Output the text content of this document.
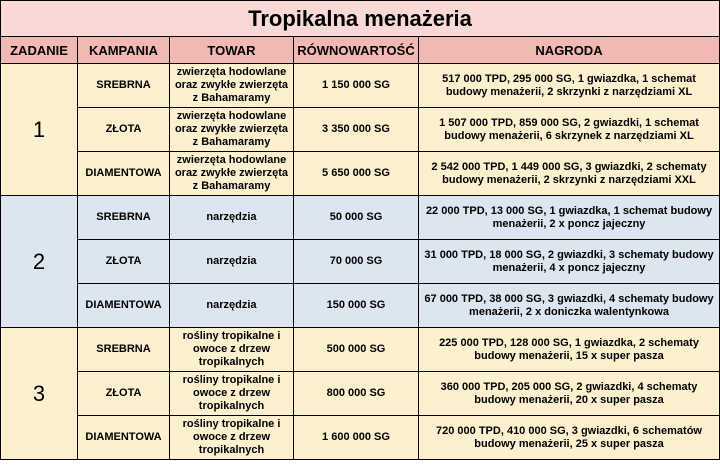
Tropikalna menażeria				
ZADANIE	KAMPANIA	TOWAR	RÓWNOWARTOŚĆ	NAGRODA
1	SREBRNA	zwierzęta hodowlane oraz zwykłe zwierzęta z Bahamaramy	1 150 000 SG	517 000 TPD, 295 000 SG, 1 gwiazdka, 1 schemat budowy menażerii, 2 skrzynki z narzędziami XL
	ZŁOTA	zwierzęta hodowlane oraz zwykłe zwierzęta z Bahamaramy	3 350 000 SG	1 507 000 TPD, 859 000 SG, 2 gwiazdki, 1 schemat budowy menażerii, 6 skrzynek z narzędziami XL
	DIAMENTOWA	zwierzęta hodowlane oraz zwykłe zwierzęta z Bahamaramy	5 650 000 SG	2 542 000 TPD, 1 449 000 SG, 3 gwiazdki, 2 schematy budowy menażerii, 2 skrzynki z narzędziami XXL
2	SREBRNA	narzędzia	50 000 SG	22 000 TPD, 13 000 SG, 1 gwiazdka, 1 schemat budowy menażerii, 2 x poncz jajeczny
	ZŁOTA	narzędzia	70 000 SG	31 000 TPD, 18 000 SG, 2 gwiazdki, 3 schematy budowy menażerii, 4 x poncz jajeczny
	DIAMENTOWA	narzędzia	150 000 SG	67 000 TPD, 38 000 SG, 3 gwiazdki, 4 schematy budowy menażerii, 2 x doniczka walentynkowa
3	SREBRNA	rośliny tropikalne i owoce z drzew tropikalnych	500 000 SG	225 000 TPD, 128 000 SG, 1 gwiazdka, 2 schematy budowy menażerii, 15 x super pasza
	ZŁOTA	rośliny tropikalne i owoce z drzew tropikalnych	800 000 SG	360 000 TPD, 205 000 SG, 2 gwiazdki, 4 schematy budowy menażerii, 20 x super pasza
	DIAMENTOWA	rośliny tropikalne i owoce z drzew tropikalnych	1 600 000 SG	720 000 TPD, 410 000 SG, 3 gwiazdki, 6 schematów budowy menażerii, 25 x super pasza
